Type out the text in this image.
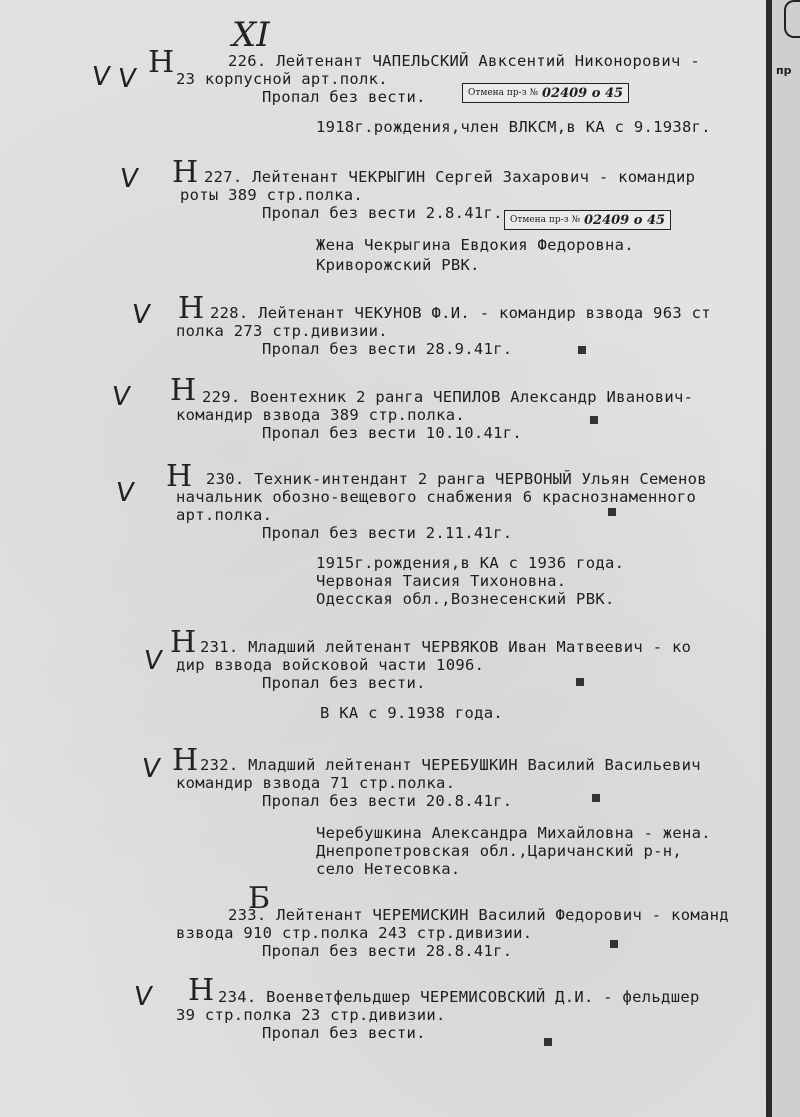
XI
V V Н	226. Лейтенант ЧАПЕЛЬСКИЙ Авксентий Никонорович -
23 корпусной арт.полк.
Пропал без вести.	Отмена пр-з № 02409 о 45
1918г.рождения,член ВЛКСМ,в КА с 9.1938г.
V Н 227. Лейтенант ЧЕКРЫГИН Сергей Захарович - командир
роты 389 стр.полка.
Пропал без вести 2.8.41г. Отмена пр-з № 02409 о 45
Жена Чекрыгина Евдокия Федоровна.
Криворожский РВК.
V Н 228. Лейтенант ЧЕКУНОВ Ф.И. - командир взвода 963 ст
полка 273 стр.дивизии.
Пропал без вести 28.9.41г.
V Н 229. Воентехник 2 ранга ЧЕПИЛОВ Александр Иванович-
командир взвода 389 стр.полка.
Пропал без вести 10.10.41г.
V Н 230. Техник-интендант 2 ранга ЧЕРВОНЫЙ Ульян Семенов
начальник обозно-вещевого снабжения 6 краснознаменного
арт.полка.
Пропал без вести 2.11.41г.
1915г.рождения,в КА с 1936 года.
Червоная Таисия Тихоновна.
Одесская обл.,Вознесенский РВК.
V
Н 231. Младший лейтенант ЧЕРВЯКОВ Иван Матвеевич - ко
дир взвода войсковой части 1096.
Пропал без вести.
В КА с 9.1938 года.
V Н 232. Младший лейтенант ЧЕРЕБУШКИН Василий Васильевич
командир взвода 71 стр.полка.
Пропал без вести 20.8.41г.
Черебушкина Александра Михайловна - жена.
Днепропетровская обл.,Царичанский р-н,
село Нетесовка.
Б
233. Лейтенант ЧЕРЕМИСКИН Василий Федорович - команд
взвода 910 стр.полка 243 стр.дивизии.
Пропал без вести 28.8.41г.
V Н 234. Военветфельдшер ЧЕРЕМИСОВСКИЙ Д.И. - фельдшер
39 стр.полка 23 стр.дивизии.
Пропал без вести.
пр
